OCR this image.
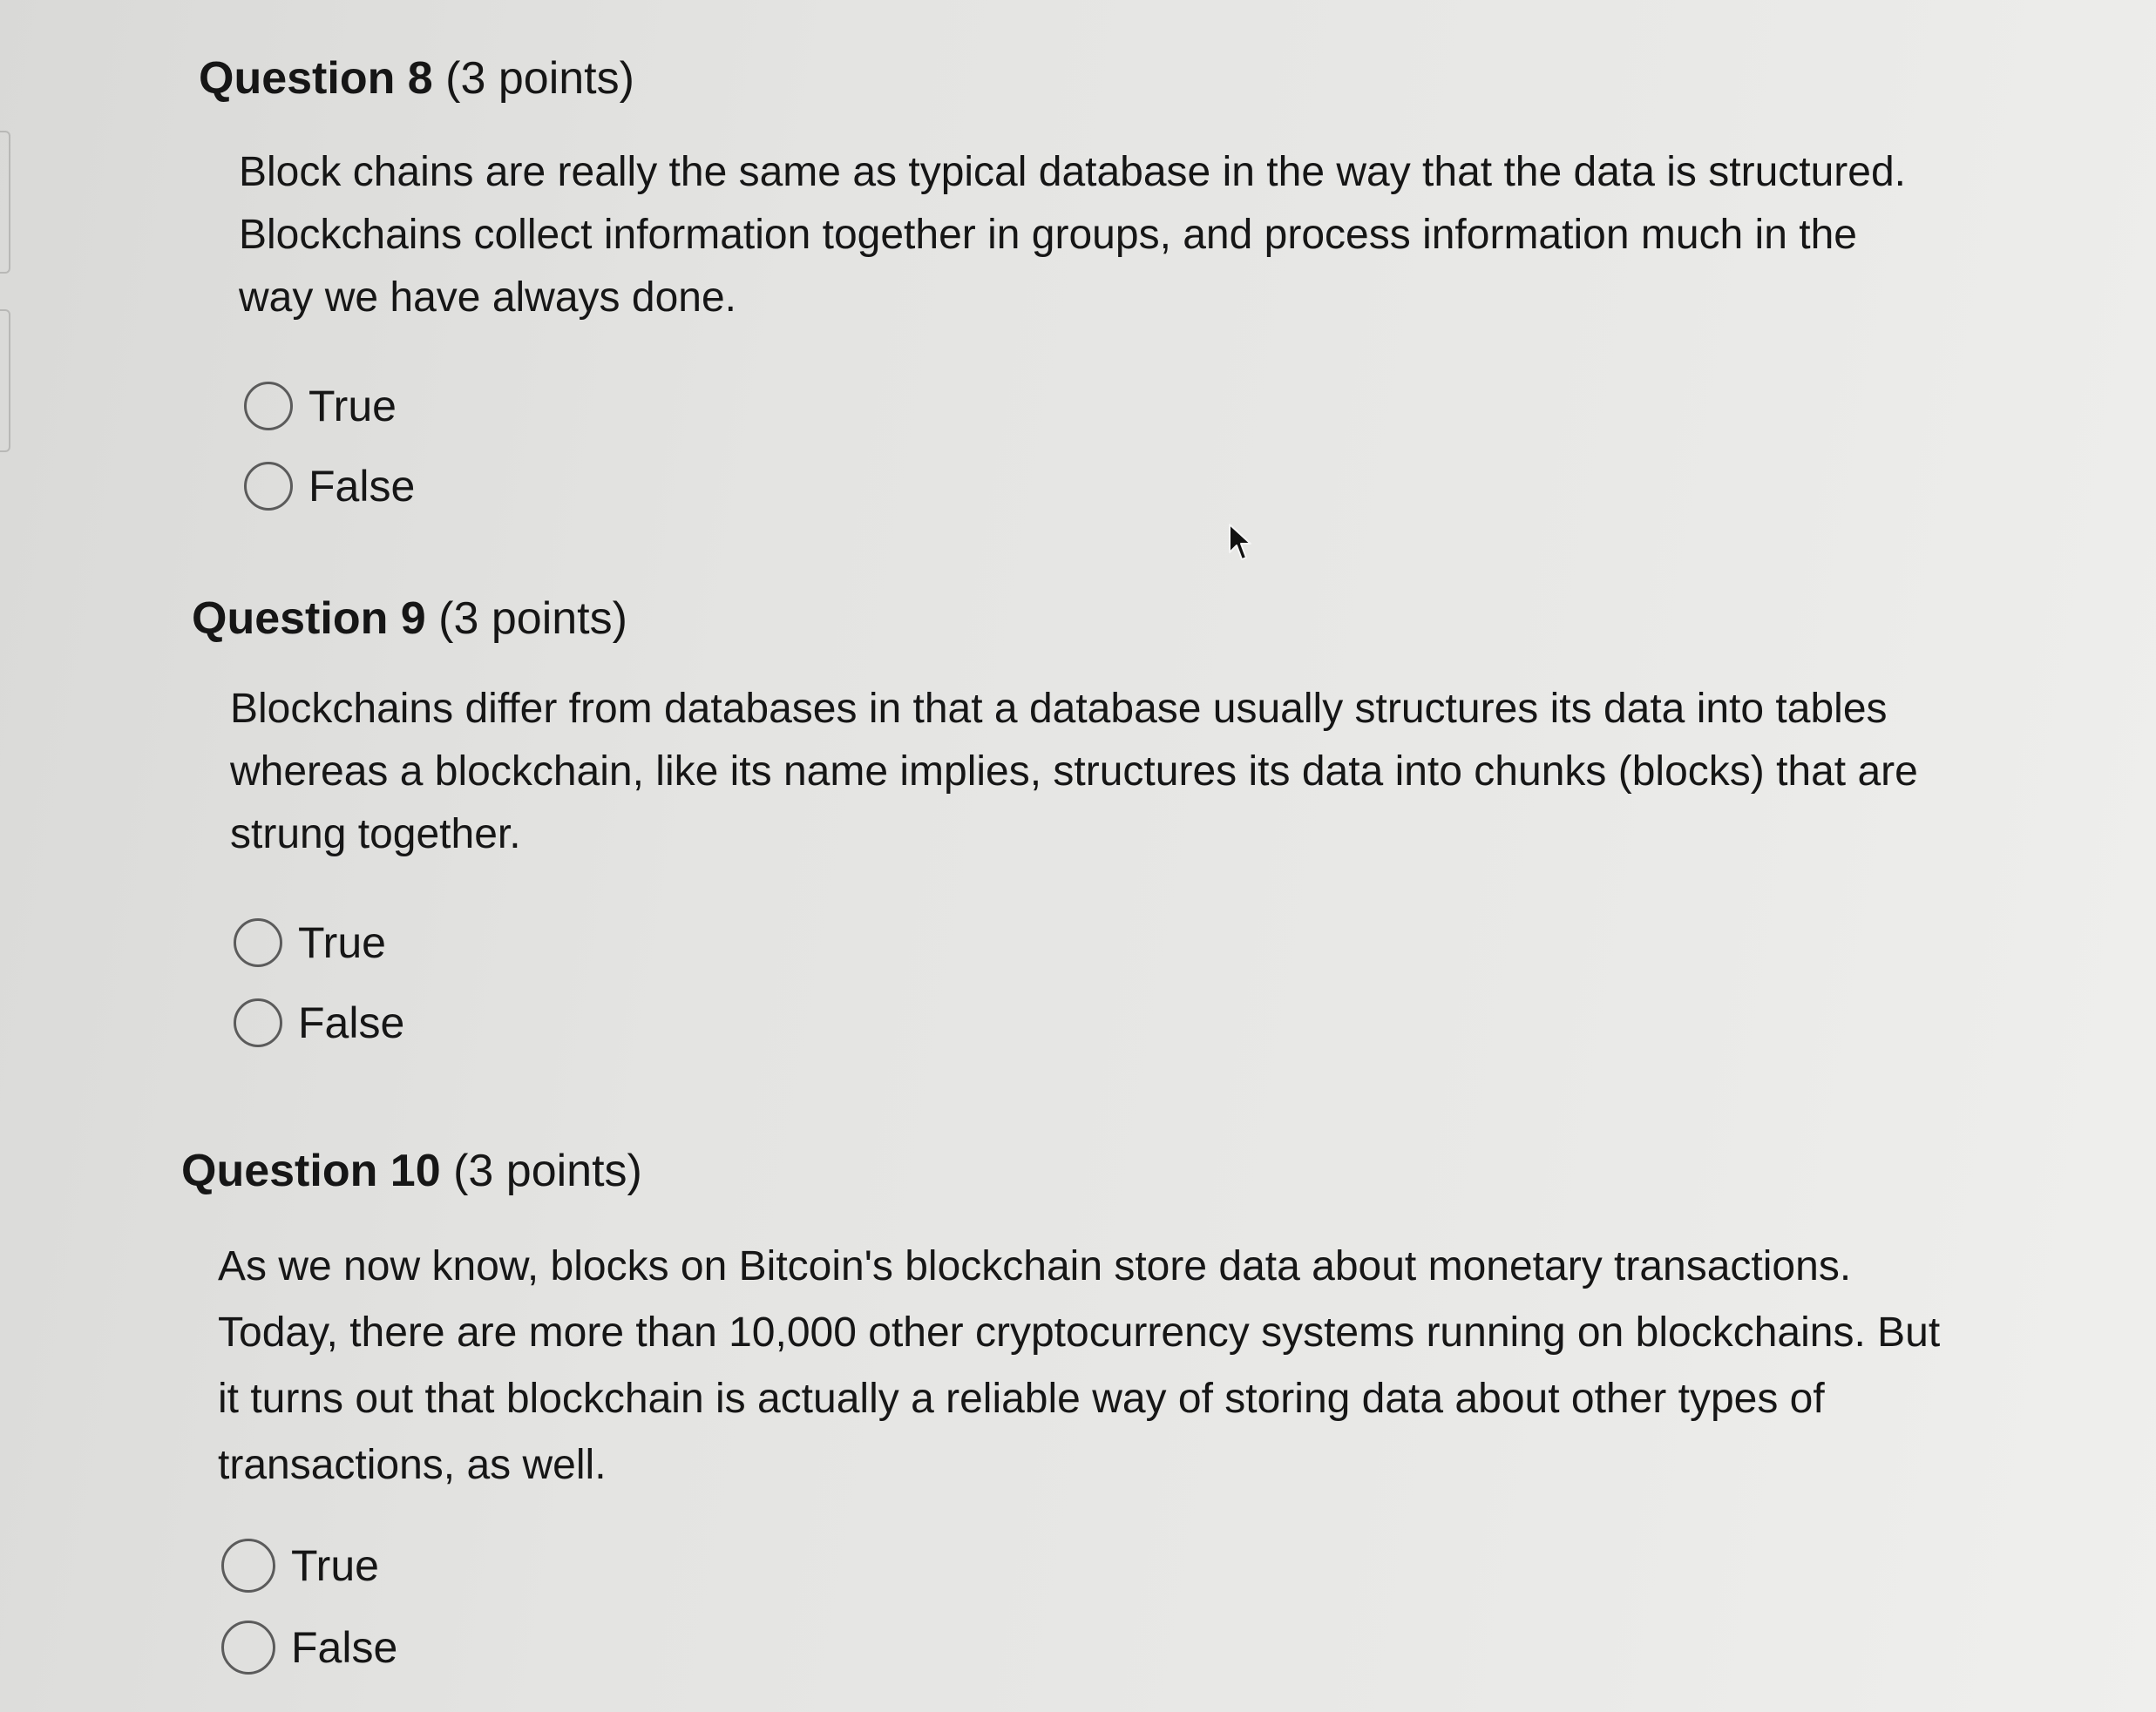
Question 8 (3 points)

Block chains are really the same as typical database in the way that the data is structured. Blockchains collect information together in groups, and process information much in the way we have always done.

True
False
Question 9 (3 points)

Blockchains differ from databases in that a database usually structures its data into tables whereas a blockchain, like its name implies, structures its data into chunks (blocks) that are strung together.

True
False
Question 10 (3 points)

As we now know, blocks on Bitcoin's blockchain store data about monetary transactions. Today, there are more than 10,000 other cryptocurrency systems running on blockchains. But it turns out that blockchain is actually a reliable way of storing data about other types of transactions, as well.

True
False
